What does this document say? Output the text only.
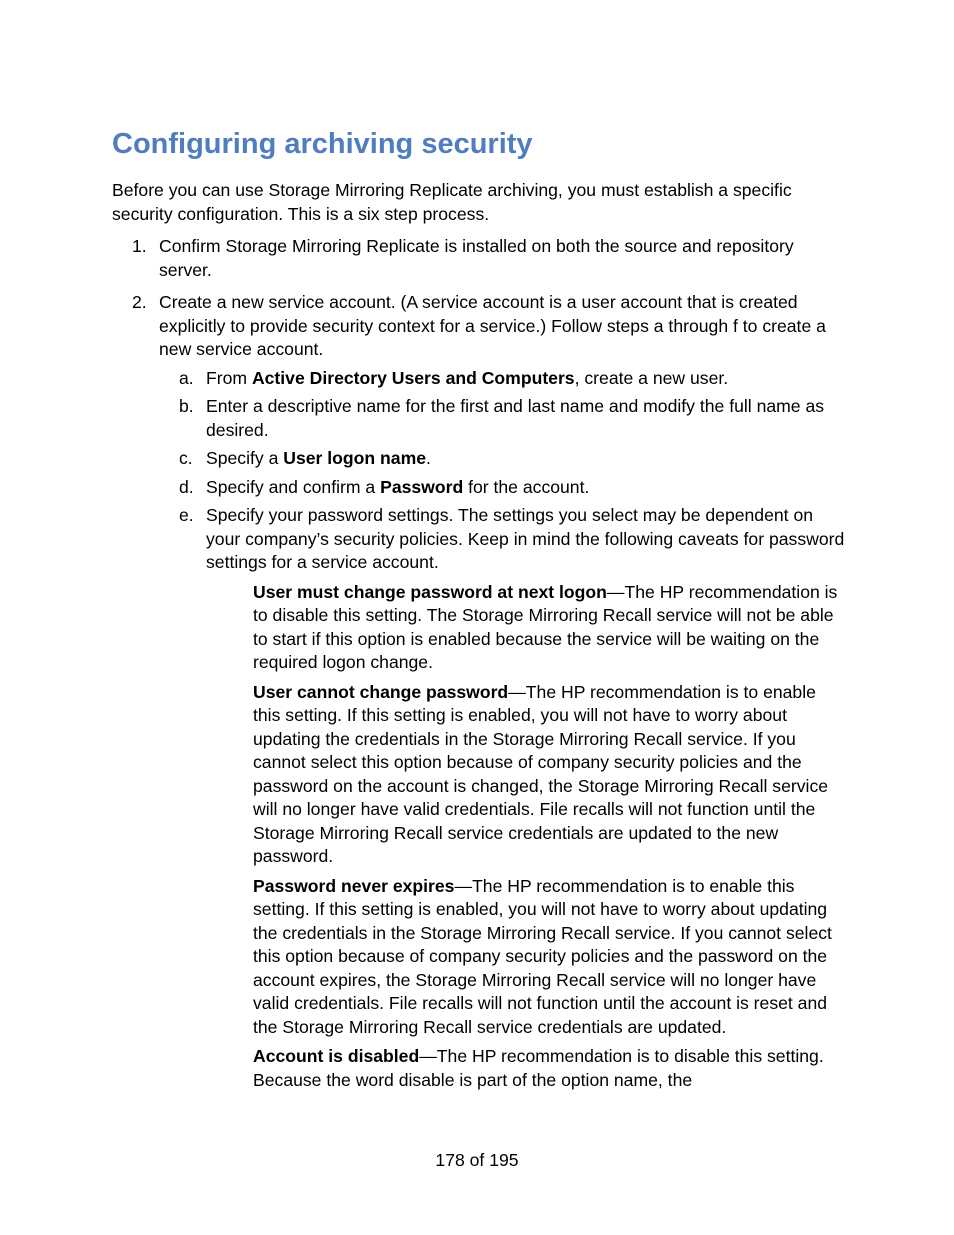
Configuring archiving security

Before you can use Storage Mirroring Replicate archiving, you must establish a specific security configuration. This is a six step process.

1. Confirm Storage Mirroring Replicate is installed on both the source and repository server.
2. Create a new service account. (A service account is a user account that is created explicitly to provide security context for a service.) Follow steps a through f to create a new service account.
a. From Active Directory Users and Computers, create a new user.
b. Enter a descriptive name for the first and last name and modify the full name as desired.
c. Specify a User logon name.
d. Specify and confirm a Password for the account.
e. Specify your password settings. The settings you select may be dependent on your company’s security policies. Keep in mind the following caveats for password settings for a service account.
User must change password at next logon—The HP recommendation is to disable this setting. The Storage Mirroring Recall service will not be able to start if this option is enabled because the service will be waiting on the required logon change.
User cannot change password—The HP recommendation is to enable this setting. If this setting is enabled, you will not have to worry about updating the credentials in the Storage Mirroring Recall service. If you cannot select this option because of company security policies and the password on the account is changed, the Storage Mirroring Recall service will no longer have valid credentials. File recalls will not function until the Storage Mirroring Recall service credentials are updated to the new password.
Password never expires—The HP recommendation is to enable this setting. If this setting is enabled, you will not have to worry about updating the credentials in the Storage Mirroring Recall service. If you cannot select this option because of company security policies and the password on the account expires, the Storage Mirroring Recall service will no longer have valid credentials. File recalls will not function until the account is reset and the Storage Mirroring Recall service credentials are updated.
Account is disabled—The HP recommendation is to disable this setting. Because the word disable is part of the option name, the
178 of 195
